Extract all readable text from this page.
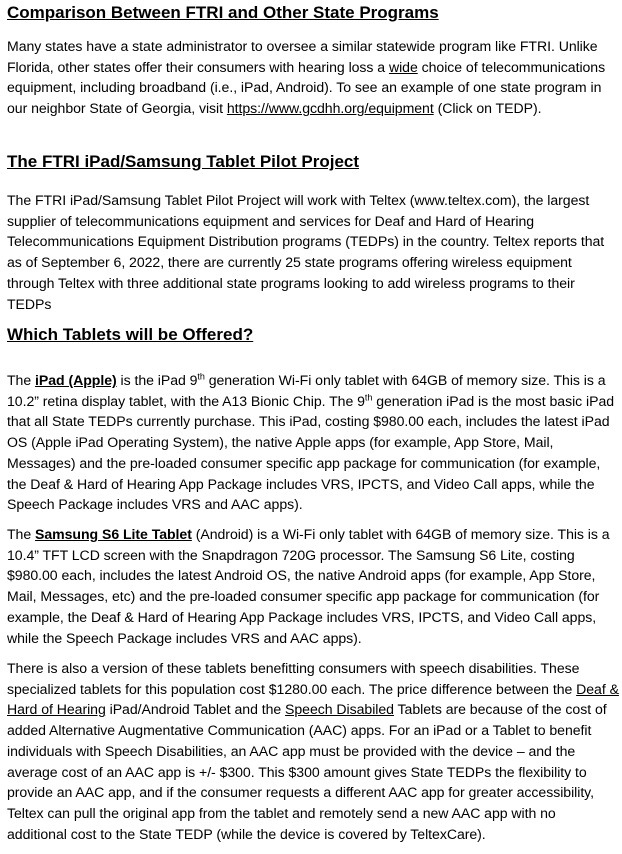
Comparison Between FTRI and Other State Programs

Many states have a state administrator to oversee a similar statewide program like FTRI. Unlike Florida, other states offer their consumers with hearing loss a wide choice of telecommunications equipment, including broadband (i.e., iPad, Android). To see an example of one state program in our neighbor State of Georgia, visit https://www.gcdhh.org/equipment (Click on TEDP).

The FTRI iPad/Samsung Tablet Pilot Project

The FTRI iPad/Samsung Tablet Pilot Project will work with Teltex (www.teltex.com), the largest supplier of telecommunications equipment and services for Deaf and Hard of Hearing Telecommunications Equipment Distribution programs (TEDPs) in the country. Teltex reports that as of September 6, 2022, there are currently 25 state programs offering wireless equipment through Teltex with three additional state programs looking to add wireless programs to their TEDPs

Which Tablets will be Offered?

The iPad (Apple) is the iPad 9th generation Wi-Fi only tablet with 64GB of memory size. This is a 10.2” retina display tablet, with the A13 Bionic Chip. The 9th generation iPad is the most basic iPad that all State TEDPs currently purchase. This iPad, costing $980.00 each, includes the latest iPad OS (Apple iPad Operating System), the native Apple apps (for example, App Store, Mail, Messages) and the pre-loaded consumer specific app package for communication (for example, the Deaf & Hard of Hearing App Package includes VRS, IPCTS, and Video Call apps, while the Speech Package includes VRS and AAC apps).

The Samsung S6 Lite Tablet (Android) is a Wi-Fi only tablet with 64GB of memory size. This is a 10.4” TFT LCD screen with the Snapdragon 720G processor. The Samsung S6 Lite, costing $980.00 each, includes the latest Android OS, the native Android apps (for example, App Store, Mail, Messages, etc) and the pre-loaded consumer specific app package for communication (for example, the Deaf & Hard of Hearing App Package includes VRS, IPCTS, and Video Call apps, while the Speech Package includes VRS and AAC apps).

There is also a version of these tablets benefitting consumers with speech disabilities. These specialized tablets for this population cost $1280.00 each. The price difference between the Deaf & Hard of Hearing iPad/Android Tablet and the Speech Disabiled Tablets are because of the cost of added Alternative Augmentative Communication (AAC) apps. For an iPad or a Tablet to benefit individuals with Speech Disabilities, an AAC app must be provided with the device – and the average cost of an AAC app is +/- $300. This $300 amount gives State TEDPs the flexibility to provide an AAC app, and if the consumer requests a different AAC app for greater accessibility, Teltex can pull the original app from the tablet and remotely send a new AAC app with no additional cost to the State TEDP (while the device is covered by TeltexCare).
